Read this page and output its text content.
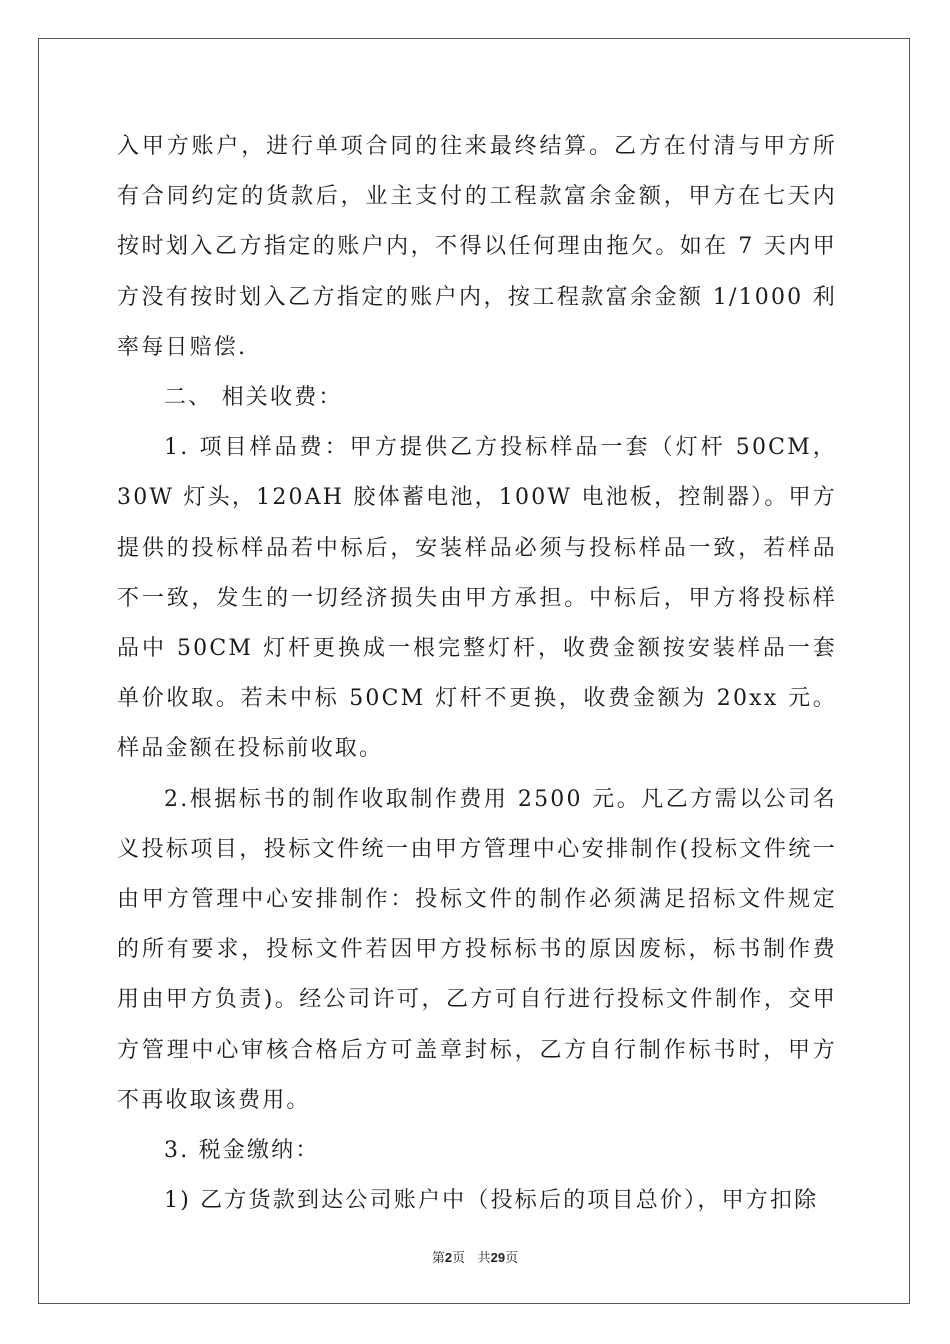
入甲方账户，进行单项合同的往来最终结算。乙方在付清与甲方所有合同约定的货款后，业主支付的工程款富余金额，甲方在七天内按时划入乙方指定的账户内，不得以任何理由拖欠。如在 7 天内甲方没有按时划入乙方指定的账户内，按工程款富余金额 1/1000 利率每日赔偿.

二、 相关收费：

1. 项目样品费：甲方提供乙方投标样品一套（灯杆 50CM，30W 灯头，120AH 胶体蓄电池，100W 电池板，控制器）。甲方提供的投标样品若中标后，安装样品必须与投标样品一致，若样品不一致，发生的一切经济损失由甲方承担。中标后，甲方将投标样品中 50CM 灯杆更换成一根完整灯杆，收费金额按安装样品一套单价收取。若未中标 50CM 灯杆不更换，收费金额为 20xx 元。样品金额在投标前收取。

2.根据标书的制作收取制作费用 2500 元。凡乙方需以公司名义投标项目，投标文件统一由甲方管理中心安排制作(投标文件统一由甲方管理中心安排制作：投标文件的制作必须满足招标文件规定的所有要求，投标文件若因甲方投标标书的原因废标，标书制作费用由甲方负责)。经公司许可，乙方可自行进行投标文件制作，交甲方管理中心审核合格后方可盖章封标，乙方自行制作标书时，甲方不再收取该费用。

3. 税金缴纳：

1) 乙方货款到达公司账户中（投标后的项目总价），甲方扣除

第2页 共29页
